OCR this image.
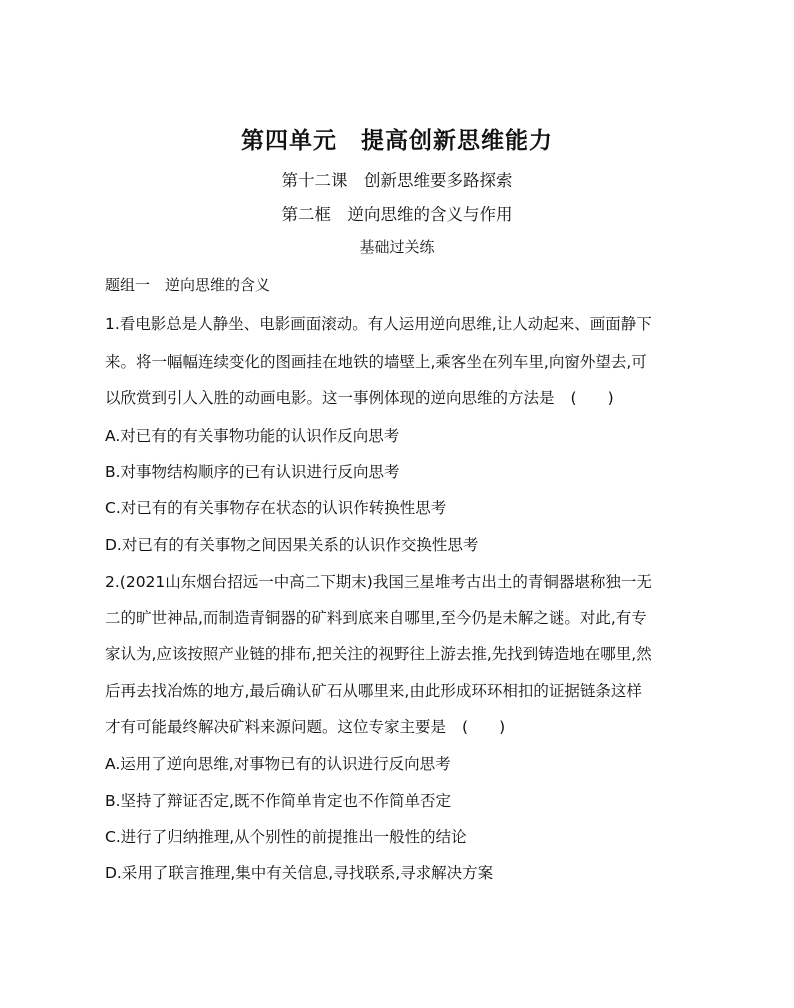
第四单元　提高创新思维能力
第十二课　创新思维要多路探索
第二框　逆向思维的含义与作用
基础过关练
题组一　逆向思维的含义
1.看电影总是人静坐、电影画面滚动。有人运用逆向思维,让人动起来、画面静下
来。将一幅幅连续变化的图画挂在地铁的墙壁上,乘客坐在列车里,向窗外望去,可
以欣赏到引人入胜的动画电影。这一事例体现的逆向思维的方法是 (　　)
A.对已有的有关事物功能的认识作反向思考
B.对事物结构顺序的已有认识进行反向思考
C.对已有的有关事物存在状态的认识作转换性思考
D.对已有的有关事物之间因果关系的认识作交换性思考
2.(2021山东烟台招远一中高二下期末)我国三星堆考古出土的青铜器堪称独一无
二的旷世神品,而制造青铜器的矿料到底来自哪里,至今仍是未解之谜。对此,有专
家认为,应该按照产业链的排布,把关注的视野往上游去推,先找到铸造地在哪里,然
后再去找冶炼的地方,最后确认矿石从哪里来,由此形成环环相扣的证据链条这样
才有可能最终解决矿料来源问题。这位专家主要是 (　　)
A.运用了逆向思维,对事物已有的认识进行反向思考
B.坚持了辩证否定,既不作简单肯定也不作简单否定
C.进行了归纳推理,从个别性的前提推出一般性的结论
D.采用了联言推理,集中有关信息,寻找联系,寻求解决方案
